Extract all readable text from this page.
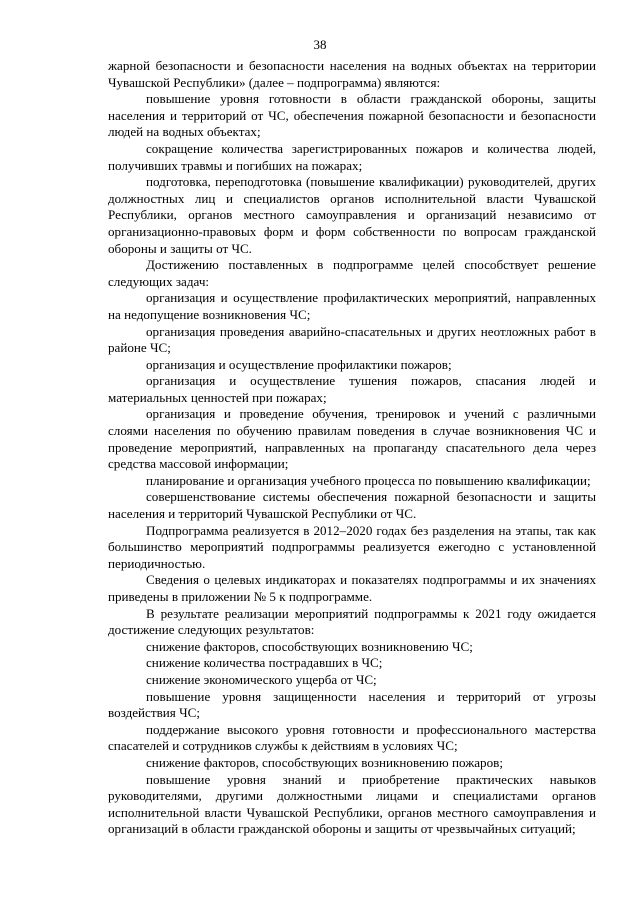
38

жарной безопасности и безопасности населения на водных объектах на территории Чувашской Республики» (далее – подпрограмма) являются:

повышение уровня готовности в области гражданской обороны, защиты населения и территорий от ЧС, обеспечения пожарной безопасности и безопасности людей на водных объектах;

сокращение количества зарегистрированных пожаров и количества людей, получивших травмы и погибших на пожарах;

подготовка, переподготовка (повышение квалификации) руководителей, других должностных лиц и специалистов органов исполнительной власти Чувашской Республики, органов местного самоуправления и организаций независимо от организационно-правовых форм и форм собственности по вопросам гражданской обороны и защиты от ЧС.

Достижению поставленных в подпрограмме целей способствует решение следующих задач:

организация и осуществление профилактических мероприятий, направленных на недопущение возникновения ЧС;

организация проведения аварийно-спасательных и других неотложных работ в районе ЧС;

организация и осуществление профилактики пожаров;

организация и осуществление тушения пожаров, спасания людей и материальных ценностей при пожарах;

организация и проведение обучения, тренировок и учений с различными слоями населения по обучению правилам поведения в случае возникновения ЧС и проведение мероприятий, направленных на пропаганду спасательного дела через средства массовой информации;

планирование и организация учебного процесса по повышению квалификации;

совершенствование системы обеспечения пожарной безопасности и защиты населения и территорий Чувашской Республики от ЧС.

Подпрограмма реализуется в 2012–2020 годах без разделения на этапы, так как большинство мероприятий подпрограммы реализуется ежегодно с установленной периодичностью.

Сведения о целевых индикаторах и показателях подпрограммы и их значениях приведены в приложении № 5 к подпрограмме.

В результате реализации мероприятий подпрограммы к 2021 году ожидается достижение следующих результатов:

снижение факторов, способствующих возникновению ЧС;

снижение количества пострадавших в ЧС;

снижение экономического ущерба от ЧС;

повышение уровня защищенности населения и территорий от угрозы воздействия ЧС;

поддержание высокого уровня готовности и профессионального мастерства спасателей и сотрудников службы к действиям в условиях ЧС;

снижение факторов, способствующих возникновению пожаров;

повышение уровня знаний и приобретение практических навыков руководителями, другими должностными лицами и специалистами органов исполнительной власти Чувашской Республики, органов местного самоуправления и организаций в области гражданской обороны и защиты от чрезвычайных ситуаций;
